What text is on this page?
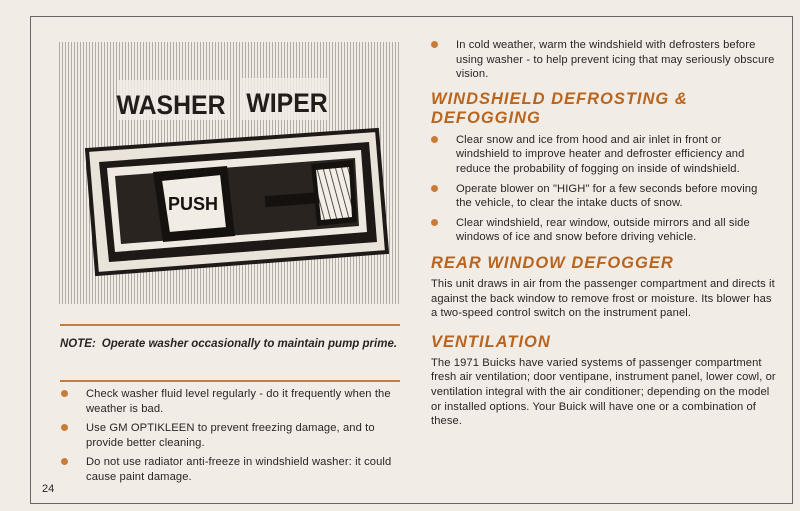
WASHER WIPER
PUSH
NOTE: Operate washer occasionally to maintain pump prime.
Check washer fluid level regularly - do it frequently when the weather is bad.
Use GM OPTIKLEEN to prevent freezing damage, and to provide better cleaning.
Do not use radiator anti-freeze in windshield washer: it could cause paint damage.
24
In cold weather, warm the windshield with defrosters before using washer - to help prevent icing that may seriously obscure vision.
WINDSHIELD DEFROSTING & DEFOGGING
Clear snow and ice from hood and air inlet in front or windshield to improve heater and defroster efficiency and reduce the probability of fogging on inside of windshield.
Operate blower on "HIGH" for a few seconds before moving the vehicle, to clear the intake ducts of snow.
Clear windshield, rear window, outside mirrors and all side windows of ice and snow before driving vehicle.
REAR WINDOW DEFOGGER

This unit draws in air from the passenger compartment and directs it against the back window to remove frost or moisture. Its blower has a two-speed control switch on the instrument panel.

VENTILATION

The 1971 Buicks have varied systems of passenger compartment fresh air ventilation; door ventipane, instrument panel, lower cowl, or ventilation integral with the air conditioner; depending on the model or installed options. Your Buick will have one or a combination of these.
